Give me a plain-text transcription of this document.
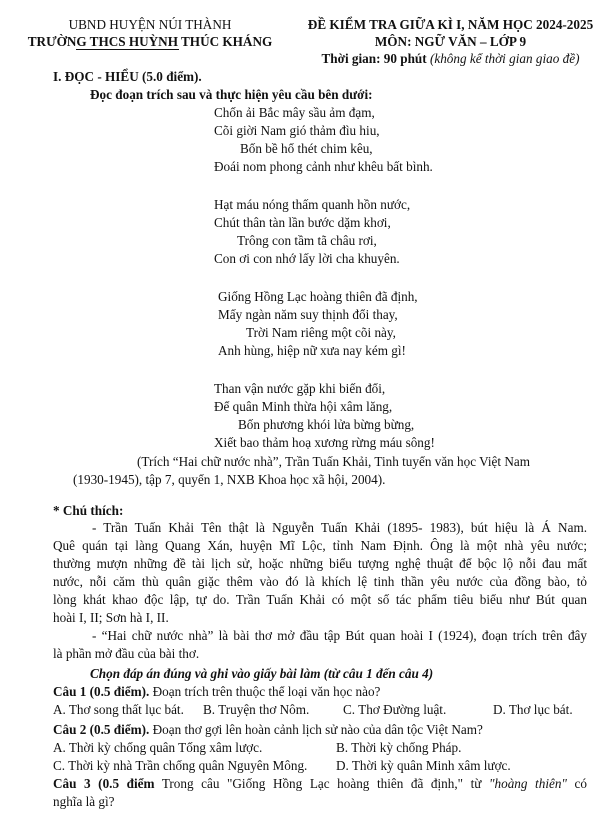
UBND HUYỆN NÚI THÀNH
TRƯỜNG THCS HUỲNH THÚC KHÁNG
ĐỀ KIỂM TRA GIỮA KÌ I, NĂM HỌC 2024-2025
MÔN: NGỮ VĂN – LỚP 9
Thời gian: 90 phút (không kể thời gian giao đề)
I. ĐỌC - HIỂU (5.0 điểm).
Đọc đoạn trích sau và thực hiện yêu cầu bên dưới:
Chốn ải Bắc mây sầu ảm đạm,
Cõi giời Nam gió thảm đìu hiu,
Bốn bề hổ thét chim kêu,
Đoái nom phong cảnh như khêu bất bình.
Hạt máu nóng thấm quanh hồn nước,
Chút thân tàn lần bước dặm khơi,
Trông con tầm tã châu rơi,
Con ơi con nhớ lấy lời cha khuyên.
Giống Hồng Lạc hoàng thiên đã định,
Mấy ngàn năm suy thịnh đổi thay,
Trời Nam riêng một cõi này,
Anh hùng, hiệp nữ xưa nay kém gì!
Than vận nước gặp khi biến đổi,
Để quân Minh thừa hội xâm lăng,
Bốn phương khói lửa bừng bừng,
Xiết bao thảm hoạ xương rừng máu sông!
(Trích “Hai chữ nước nhà”, Trần Tuấn Khải, Tinh tuyển văn học Việt Nam
(1930-1945), tập 7, quyển 1, NXB Khoa học xã hội, 2004).
* Chú thích:
- Trần Tuấn Khải Tên thật là Nguyễn Tuấn Khải (1895- 1983), bút hiệu là Á Nam.
Quê quán tại làng Quang Xán, huyện Mĩ Lộc, tỉnh Nam Định. Ông là một nhà yêu nước;
thường mượn những đề tài lịch sử, hoặc những biểu tượng nghệ thuật để bộc lộ nỗi đau mất
nước, nỗi căm thù quân giặc thêm vào đó là khích lệ tinh thần yêu nước của đồng bào, tỏ
lòng khát khao độc lập, tự do. Trần Tuấn Khải có một số tác phẩm tiêu biểu như Bút quan
hoài I, II; Sơn hà I, II.
- “Hai chữ nước nhà” là bài thơ mở đầu tập Bút quan hoài I (1924), đoạn trích trên đây
là phần mở đầu của bài thơ.
Chọn đáp án đúng và ghi vào giấy bài làm (từ câu 1 đến câu 4)
Câu 1 (0.5 điểm). Đoạn trích trên thuộc thể loại văn học nào?
A. Thơ song thất lục bát. B. Truyện thơ Nôm.	C. Thơ Đường luật.	D. Thơ lục bát.
Câu 2 (0.5 điểm). Đoạn thơ gợi lên hoàn cảnh lịch sử nào của dân tộc Việt Nam?
A. Thời kỳ chống quân Tống xâm lược.	B. Thời kỳ chống Pháp.
C. Thời kỳ nhà Trần chống quân Nguyên Mông. D. Thời kỳ quân Minh xâm lược.
Câu 3 (0.5 điểm Trong câu "Giống Hồng Lạc hoàng thiên đã định," từ "hoàng thiên" có
nghĩa là gì?
